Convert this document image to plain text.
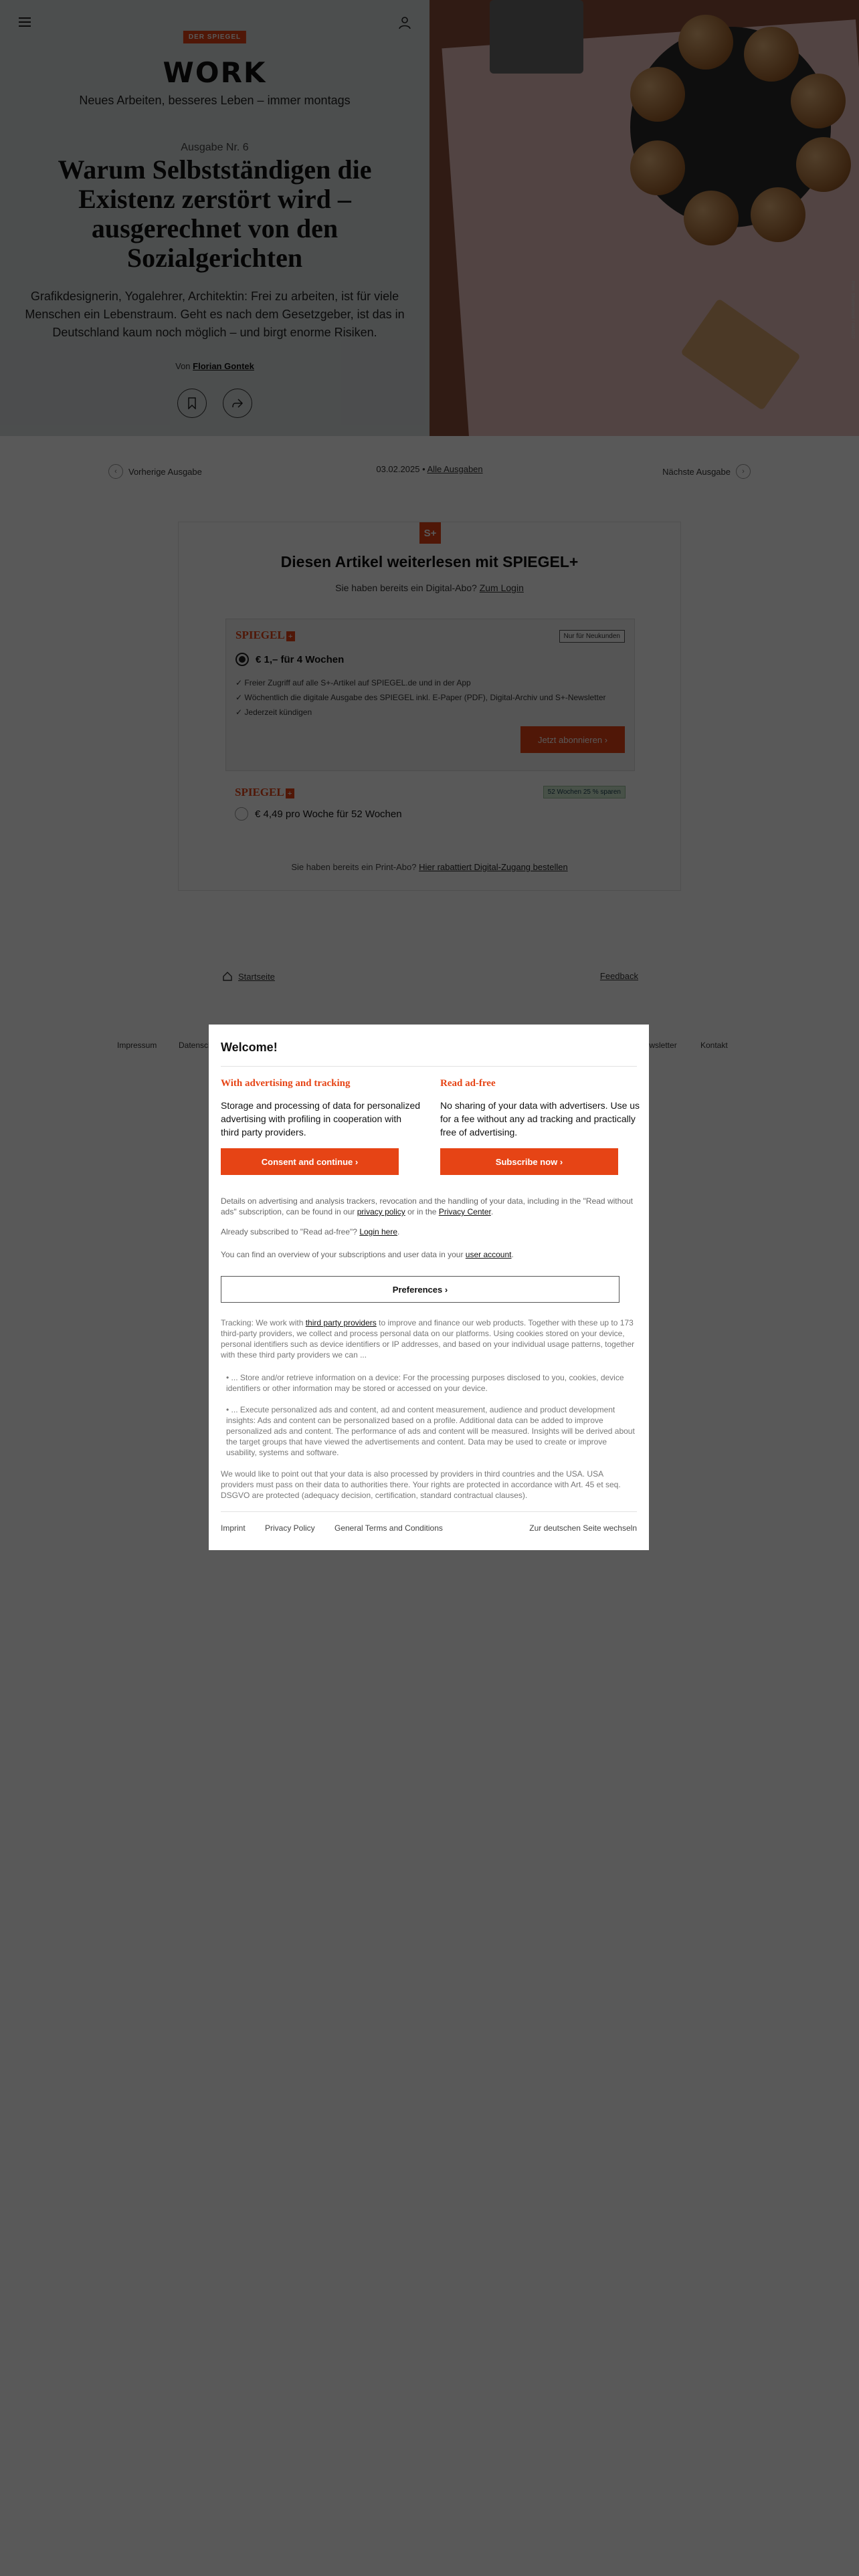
✓
✓
✓
Welcome!
With advertising and tracking

Storage and processing of data for personalized advertising with profiling in cooperation with third party providers.

Consent and continue ›
Read ad-free

No sharing of your data with advertisers. Use us for a fee without any ad tracking and practically free of advertising.

Subscribe now ›
Details on advertising and analysis trackers, revocation and the handling of your data, including in the "Read without ads" subscription, can be found in our privacy policy or in the Privacy Center.
Already subscribed to "Read ad-free"? Login here.
You can find an overview of your subscriptions and user data in your user account.
Preferences ›
Tracking: We work with third party providers to improve and finance our web products. Together with these up to 173 third-party providers, we collect and process personal data on our platforms. Using cookies stored on your device, personal identifiers such as device identifiers or IP addresses, and based on your individual usage patterns, together with these third party providers we can ...
• ... Store and/or retrieve information on a device: For the processing purposes disclosed to you, cookies, device identifiers or other information may be stored or accessed on your device.
• ... Execute personalized ads and content, ad and content measurement, audience and product development insights: Ads and content can be personalized based on a profile. Additional data can be added to improve personalized ads and content. The performance of ads and content will be measured. Insights will be derived about the target groups that have viewed the advertisements and content. Data may be used to create or improve usability, systems and software.
We would like to point out that your data is also processed by providers in third countries and the USA. USA providers must pass on their data to authorities there. Your rights are protected in accordance with Art. 45 et seq. DSGVO are protected (adequacy decision, certification, standard contractual clauses).
Imprint Privacy Policy General Terms and Conditions	Zur deutschen Seite wechseln
